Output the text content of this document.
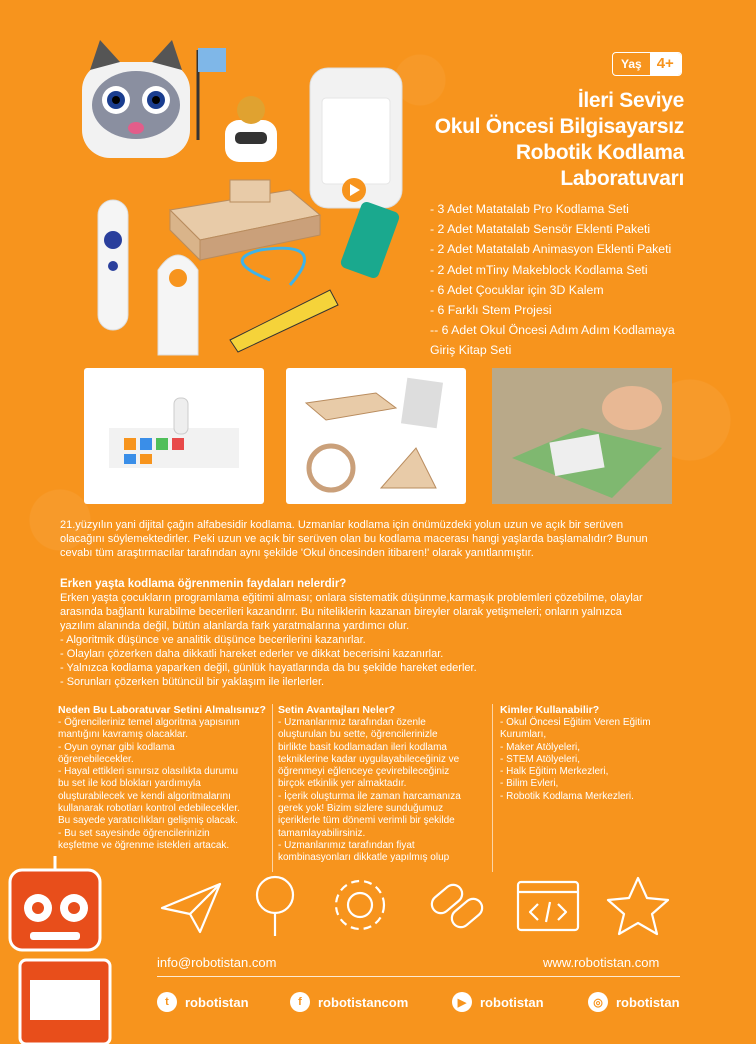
Yaş	4+
İleri Seviye
Okul Öncesi Bilgisayarsız
Robotik Kodlama
Laboratuvarı
- 3 Adet Matatalab Pro Kodlama Seti
- 2 Adet Matatalab Sensör Eklenti Paketi
- 2 Adet Matatalab Animasyon Eklenti Paketi
- 2 Adet mTiny Makeblock Kodlama Seti
- 6 Adet Çocuklar için 3D Kalem
- 6 Farklı Stem Projesi
-- 6 Adet Okul Öncesi Adım Adım Kodlamaya
Giriş Kitap Seti
21.yüzyılın yani dijital çağın alfabesidir kodlama. Uzmanlar kodlama için önümüzdeki yolun uzun ve açık bir serüven
olacağını söylemektedirler. Peki uzun ve açık bir serüven olan bu kodlama macerası hangi yaşlarda başlamalıdır? Bunun
cevabı tüm araştırmacılar tarafından aynı şekilde 'Okul öncesinden itibaren!' olarak yanıtlanmıştır.
Erken yaşta kodlama öğrenmenin faydaları nelerdir?
Erken yaşta çocukların programlama eğitimi alması; onlara sistematik düşünme,karmaşık problemleri çözebilme, olaylar
arasında bağlantı kurabilme becerileri kazandırır. Bu niteliklerin kazanan bireyler olarak yetişmeleri; onların yalnızca
yazılım alanında değil, bütün alanlarda fark yaratmalarına yardımcı olur.
- Algoritmik düşünce ve analitik düşünce becerilerini kazanırlar.
- Olayları çözerken daha dikkatli hareket ederler ve dikkat becerisini kazanırlar.
- Yalnızca kodlama yaparken değil, günlük hayatlarında da bu şekilde hareket ederler.
- Sorunları çözerken bütüncül bir yaklaşım ile ilerlerler.
Neden Bu Laboratuvar Setini Almalısınız?
- Öğrencileriniz temel algoritma yapısının
mantığını kavramış olacaklar.
- Oyun oynar gibi kodlama
öğrenebilecekler.
- Hayal ettikleri sınırsız olasılıkta durumu
bu set ile kod blokları yardımıyla
oluşturabilecek ve kendi algoritmalarını
kullanarak robotları kontrol edebilecekler.
Bu sayede yaratıcılıkları gelişmiş olacak.
- Bu set sayesinde öğrencilerinizin
keşfetme ve öğrenme istekleri artacak.
Setin Avantajları Neler?
- Uzmanlarımız tarafından özenle
oluşturulan bu sette, öğrencilerinizle
birlikte basit kodlamadan ileri kodlama
tekniklerine kadar uygulayabileceğiniz ve
öğrenmeyi eğlenceye çevirebileceğiniz
birçok etkinlik yer almaktadır.
- İçerik oluşturma ile zaman harcamanıza
gerek yok! Bizim sizlere sunduğumuz
içeriklerle tüm dönemi verimli bir şekilde
tamamlayabilirsiniz.
- Uzmanlarımız tarafından fiyat
kombinasyonları dikkatle yapılmış olup
Kimler Kullanabilir?
- Okul Öncesi Eğitim Veren Eğitim
Kurumları,
- Maker Atölyeleri,
- STEM Atölyeleri,
- Halk Eğitim Merkezleri,
- Bilim Evleri,
- Robotik Kodlama Merkezleri.
info@robotistan.com	www.robotistan.com
t	robotistan	f	robotistancom	▶	robotistan	◎	robotistan
